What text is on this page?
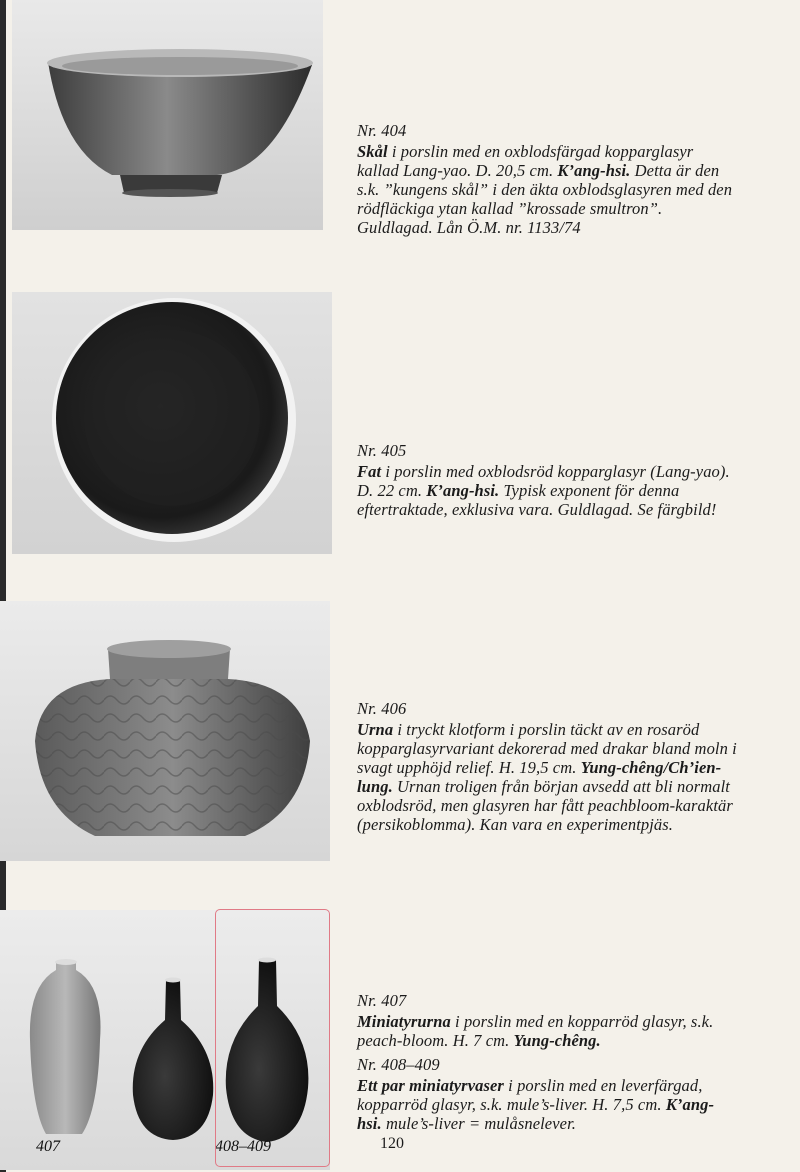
Nr. 404
Skål i porslin med en oxblodsfärgad kopparglasyr kallad Lang-yao. D. 20,5 cm. K’ang-hsi. Detta är den s.k. ”kungens skål” i den äkta oxblodsglasyren med den rödfläckiga ytan kallad ”krossade smultron”. Guldlagad. Lån Ö.M. nr. 1133/74
Nr. 405
Fat i porslin med oxblodsröd kopparglasyr (Lang-yao). D. 22 cm. K’ang-hsi. Typisk exponent för denna eftertraktade, exklusiva vara. Guldlagad. Se färgbild!
Nr. 406
Urna i tryckt klotform i porslin täckt av en rosaröd kopparglasyrvariant dekorerad med drakar bland moln i svagt upphöjd relief. H. 19,5 cm. Yung-chêng/Ch’ien-lung. Urnan troligen från början avsedd att bli normalt oxblodsröd, men glasyren har fått peachbloom-karaktär (persikoblomma). Kan vara en experimentpjäs.
407	408–409
Nr. 407
Miniatyrurna i porslin med en kopparröd glasyr, s.k. peach-bloom. H. 7 cm. Yung-chêng.
Nr. 408–409
Ett par miniatyrvaser i porslin med en leverfärgad, kopparröd glasyr, s.k. mule’s-liver. H. 7,5 cm. K’ang-hsi. mule’s-liver = mulåsnelever.
120
